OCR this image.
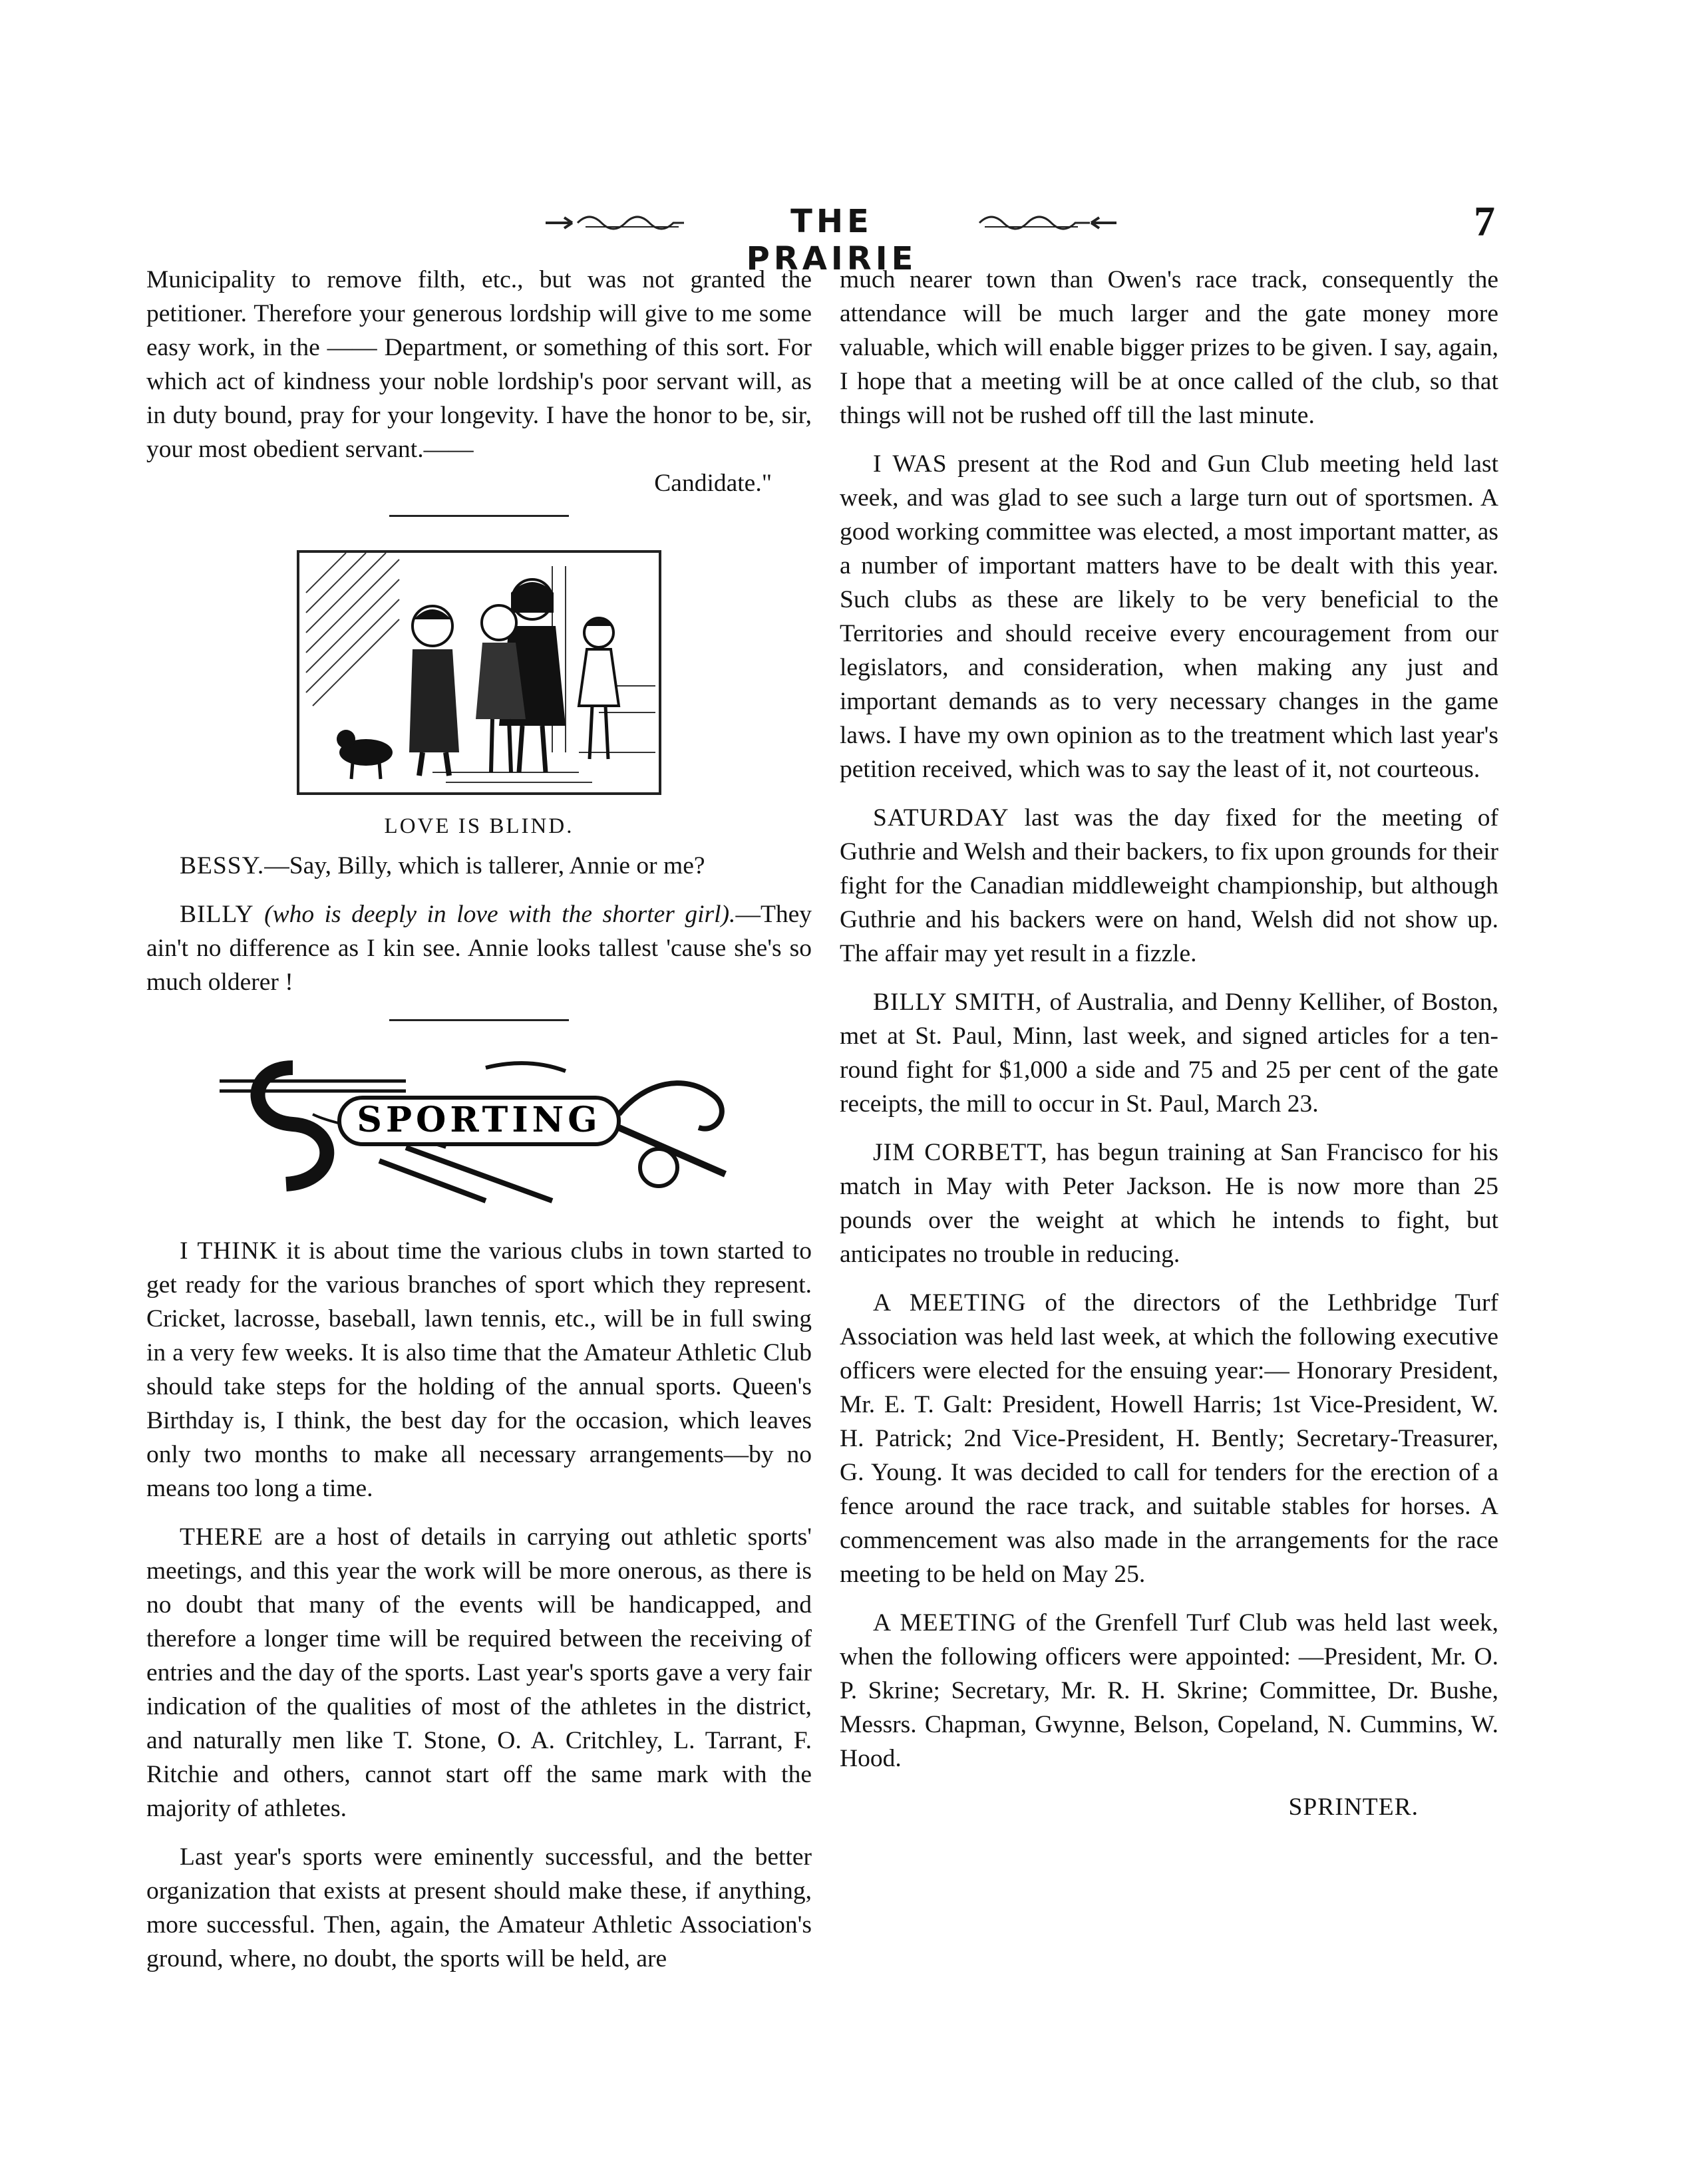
THE PRAIRIE
7

Municipality to remove filth, etc., but was not granted the petitioner. Therefore your generous lordship will give to me some easy work, in the —— Department, or something of this sort. For which act of kindness your noble lordship's poor servant will, as in duty bound, pray for your longevity. I have the honor to be, sir, your most obedient servant.——

Candidate."

LOVE IS BLIND.

BESSY.—Say, Billy, which is tallerer, Annie or me?

BILLY (who is deeply in love with the shorter girl).—They ain't no difference as I kin see. Annie looks tallest 'cause she's so much olderer !

SPORTING

I THINK it is about time the various clubs in town started to get ready for the various branches of sport which they represent. Cricket, lacrosse, baseball, lawn tennis, etc., will be in full swing in a very few weeks. It is also time that the Amateur Athletic Club should take steps for the holding of the annual sports. Queen's Birthday is, I think, the best day for the occasion, which leaves only two months to make all necessary arrangements—by no means too long a time.

THERE are a host of details in carrying out athletic sports' meetings, and this year the work will be more onerous, as there is no doubt that many of the events will be handicapped, and therefore a longer time will be required between the receiving of entries and the day of the sports. Last year's sports gave a very fair indication of the qualities of most of the athletes in the district, and naturally men like T. Stone, O. A. Critchley, L. Tarrant, F. Ritchie and others, cannot start off the same mark with the majority of athletes.

Last year's sports were eminently successful, and the better organization that exists at present should make these, if anything, more successful. Then, again, the Amateur Athletic Association's ground, where, no doubt, the sports will be held, are

much nearer town than Owen's race track, consequently the attendance will be much larger and the gate money more valuable, which will enable bigger prizes to be given. I say, again, I hope that a meeting will be at once called of the club, so that things will not be rushed off till the last minute.

I WAS present at the Rod and Gun Club meeting held last week, and was glad to see such a large turn out of sportsmen. A good working committee was elected, a most important matter, as a number of important matters have to be dealt with this year. Such clubs as these are likely to be very beneficial to the Territories and should receive every encouragement from our legislators, and consideration, when making any just and important demands as to very necessary changes in the game laws. I have my own opinion as to the treatment which last year's petition received, which was to say the least of it, not courteous.

SATURDAY last was the day fixed for the meeting of Guthrie and Welsh and their backers, to fix upon grounds for their fight for the Canadian middleweight championship, but although Guthrie and his backers were on hand, Welsh did not show up. The affair may yet result in a fizzle.

BILLY SMITH, of Australia, and Denny Kelliher, of Boston, met at St. Paul, Minn, last week, and signed articles for a ten-round fight for $1,000 a side and 75 and 25 per cent of the gate receipts, the mill to occur in St. Paul, March 23.

JIM CORBETT, has begun training at San Francisco for his match in May with Peter Jackson. He is now more than 25 pounds over the weight at which he intends to fight, but anticipates no trouble in reducing.

A MEETING of the directors of the Lethbridge Turf Association was held last week, at which the following executive officers were elected for the ensuing year:— Honorary President, Mr. E. T. Galt: President, Howell Harris; 1st Vice-President, W. H. Patrick; 2nd Vice-President, H. Bently; Secretary-Treasurer, G. Young. It was decided to call for tenders for the erection of a fence around the race track, and suitable stables for horses. A commencement was also made in the arrangements for the race meeting to be held on May 25.

A MEETING of the Grenfell Turf Club was held last week, when the following officers were appointed: —President, Mr. O. P. Skrine; Secretary, Mr. R. H. Skrine; Committee, Dr. Bushe, Messrs. Chapman, Gwynne, Belson, Copeland, N. Cummins, W. Hood.

SPRINTER.
